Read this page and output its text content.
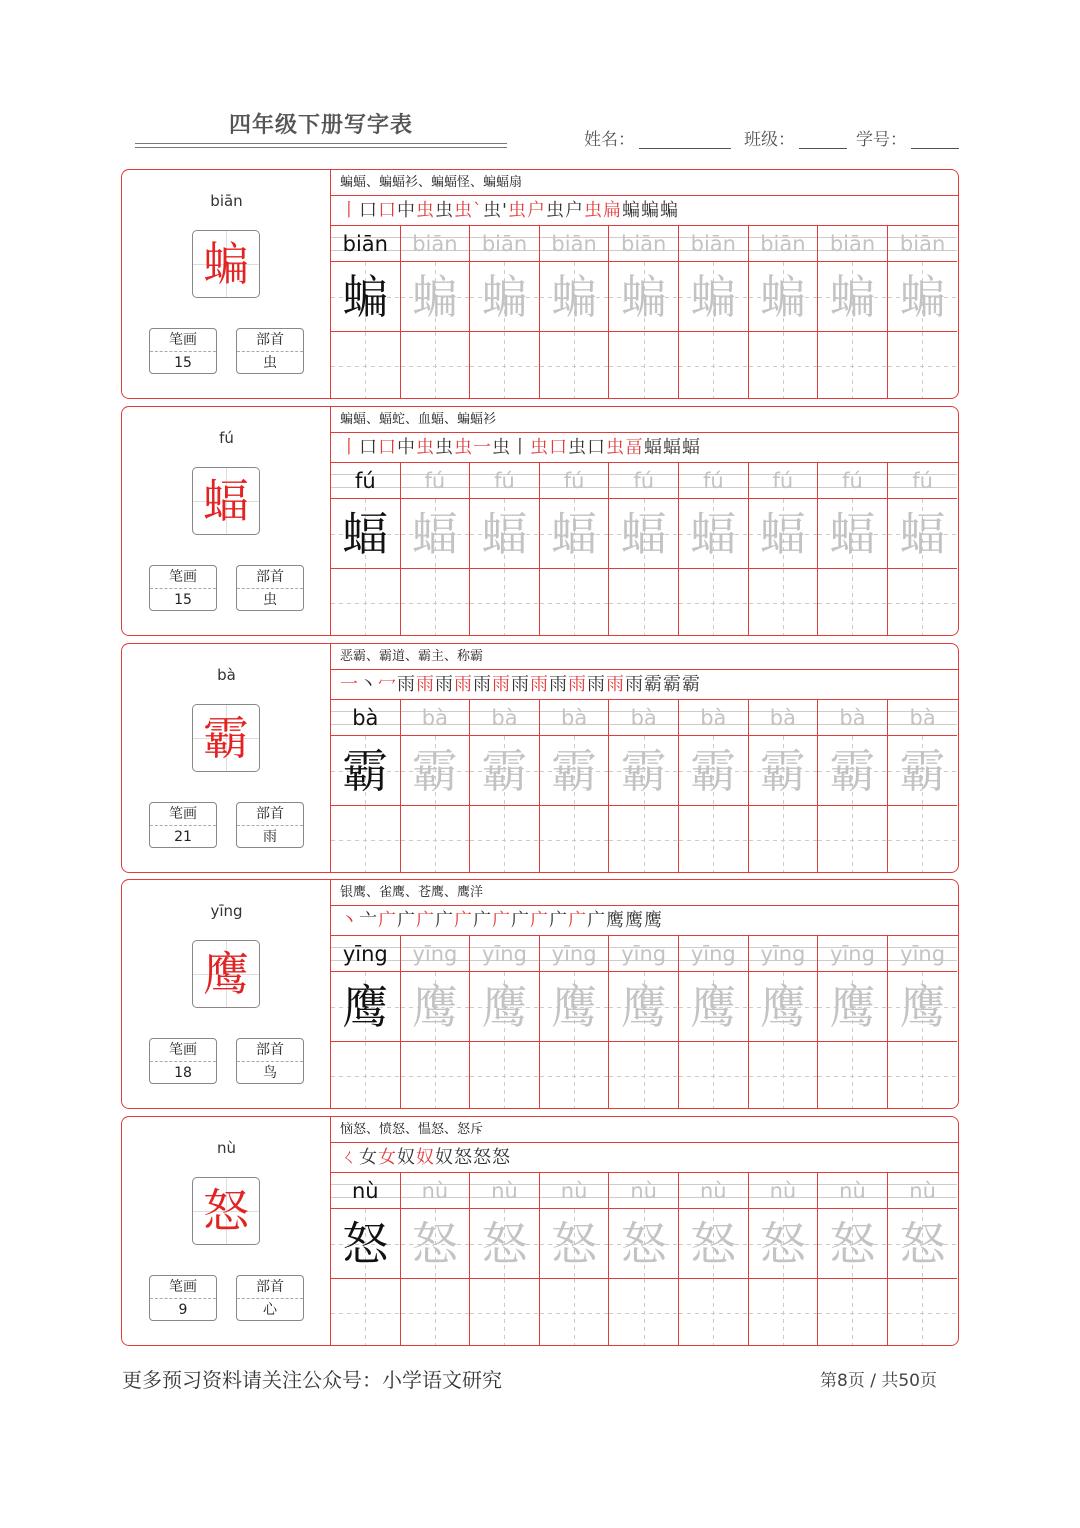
四年级下册写字表
姓名：	班级：	学号：
biān
蝙
笔画
15
部首
虫
蝙蝠、蝙蝠衫、蝙蝠怪、蝙蝠扇
丨口口中虫虫虫`虫'虫户虫户虫扁蝙蝙蝙
biān
蝙
biān
蝙
biān
蝙
biān
蝙
biān
蝙
biān
蝙
biān
蝙
biān
蝙
biān
蝙
fú
蝠
笔画
15
部首
虫
蝙蝠、蝠蛇、血蝠、蝙蝠衫
丨口口中虫虫虫一虫丨虫口虫口虫畐蝠蝠蝠
fú
蝠
fú
蝠
fú
蝠
fú
蝠
fú
蝠
fú
蝠
fú
蝠
fú
蝠
fú
蝠
bà
霸
笔画
21
部首
雨
恶霸、霸道、霸主、称霸
一丶冖雨雨雨雨雨雨雨雨雨雨雨雨雨霸霸霸
bà
霸
bà
霸
bà
霸
bà
霸
bà
霸
bà
霸
bà
霸
bà
霸
bà
霸
yīng
鹰
笔画
18
部首
鸟
银鹰、雀鹰、苍鹰、鹰洋
丶亠广广广广广广广广广广广广鹰鹰鹰
yīng
鹰
yīng
鹰
yīng
鹰
yīng
鹰
yīng
鹰
yīng
鹰
yīng
鹰
yīng
鹰
yīng
鹰
nù
怒
笔画
9
部首
心
恼怒、愤怒、愠怒、怒斥
ㄑ女女奴奴奴怒怒怒
nù
怒
nù
怒
nù
怒
nù
怒
nù
怒
nù
怒
nù
怒
nù
怒
nù
怒
更多预习资料请关注公众号：小学语文研究	第8页 / 共50页
